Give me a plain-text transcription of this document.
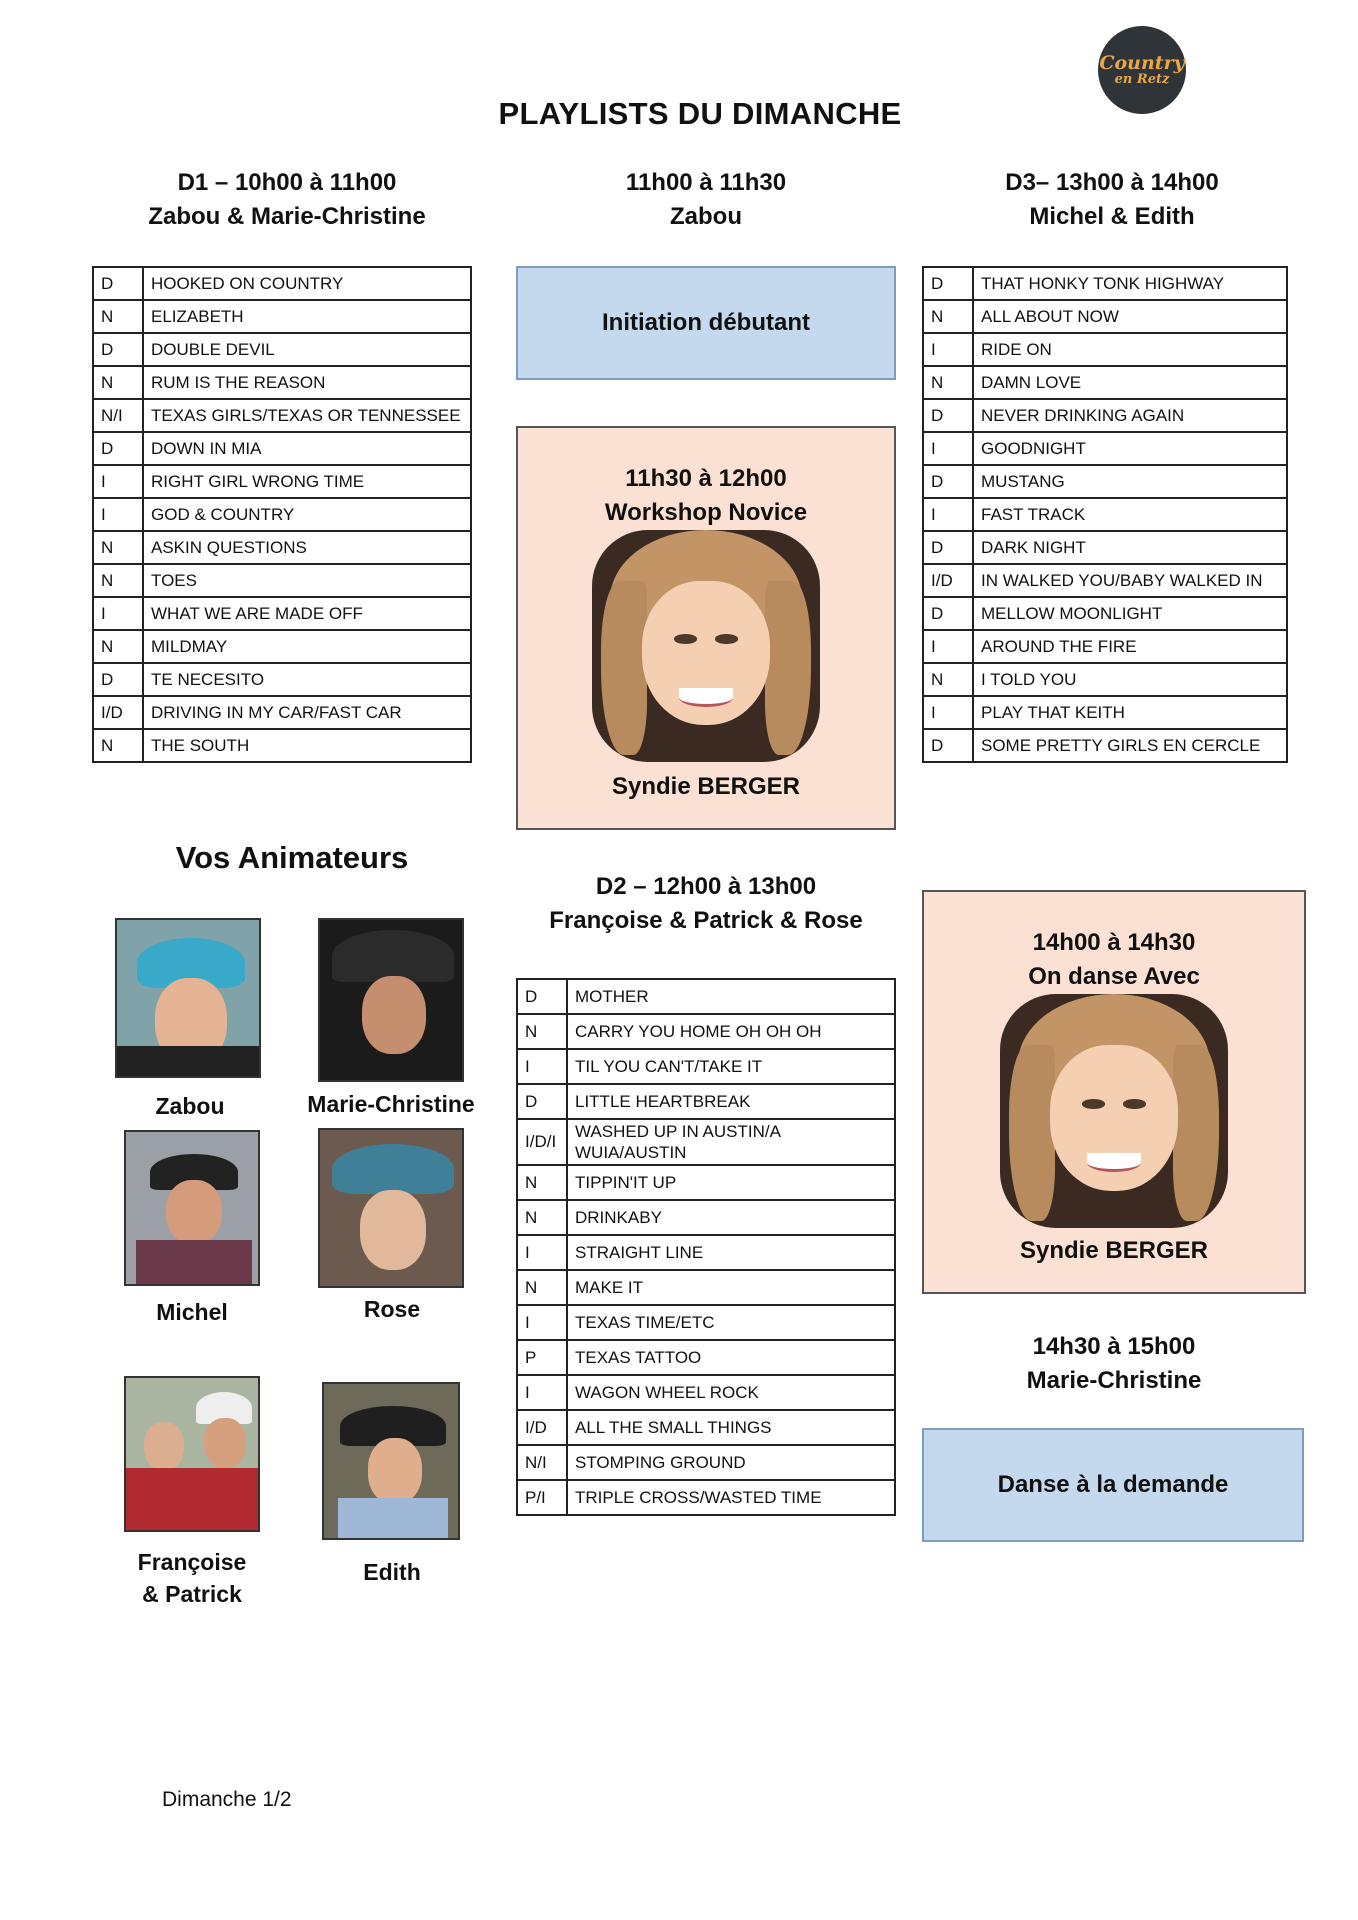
Country
en Retz
PLAYLISTS DU DIMANCHE
D1 – 10h00 à 11h00
Zabou & Marie-Christine
D	HOOKED ON COUNTRY
N	ELIZABETH
D	DOUBLE DEVIL
N	RUM IS THE REASON
N/I	TEXAS GIRLS/TEXAS OR TENNESSEE
D	DOWN IN MIA
I	RIGHT GIRL WRONG TIME
I	GOD & COUNTRY
N	ASKIN QUESTIONS
N	TOES
I	WHAT WE ARE MADE OFF
N	MILDMAY
D	TE NECESITO
I/D	DRIVING IN MY CAR/FAST CAR
N	THE SOUTH
11h00 à 11h30
Zabou
Initiation débutant
11h30 à 12h00
Workshop Novice
Syndie BERGER
D3– 13h00 à 14h00
Michel & Edith
D	THAT HONKY TONK HIGHWAY
N	ALL ABOUT NOW
I	RIDE ON
N	DAMN LOVE
D	NEVER DRINKING AGAIN
I	GOODNIGHT
D	MUSTANG
I	FAST TRACK
D	DARK NIGHT
I/D	IN WALKED YOU/BABY WALKED IN
D	MELLOW MOONLIGHT
I	AROUND THE FIRE
N	I TOLD YOU
I	PLAY THAT KEITH
D	SOME PRETTY GIRLS EN CERCLE
Vos Animateurs
Zabou	Marie-Christine
Michel	Rose
Françoise
& Patrick
Edith
D2 – 12h00 à 13h00
Françoise & Patrick & Rose
D	MOTHER
N	CARRY YOU HOME OH OH OH
I	TIL YOU CAN'T/TAKE IT
D	LITTLE HEARTBREAK
I/D/I	WASHED UP IN AUSTIN/A
WUIA/AUSTIN

N	TIPPIN'IT UP
N	DRINKABY
I	STRAIGHT LINE
N	MAKE IT
I	TEXAS TIME/ETC
P	TEXAS TATTOO
I	WAGON WHEEL ROCK
I/D	ALL THE SMALL THINGS
N/I	STOMPING GROUND
P/I	TRIPLE CROSS/WASTED TIME
14h00 à 14h30
On danse Avec
Syndie BERGER
14h30 à 15h00
Marie-Christine
Danse à la demande
Dimanche 1/2
